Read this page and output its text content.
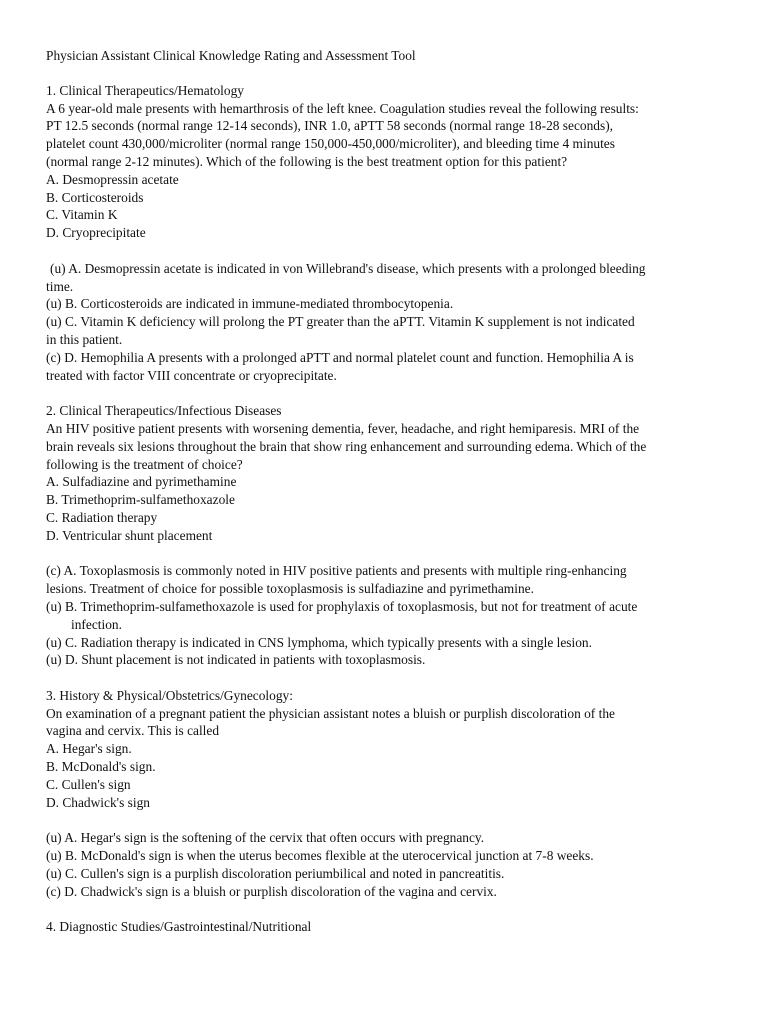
Physician Assistant Clinical Knowledge Rating and Assessment Tool
1. Clinical Therapeutics/Hematology
A 6 year-old male presents with hemarthrosis of the left knee. Coagulation studies reveal the following results:
PT 12.5 seconds (normal range 12-14 seconds), INR 1.0, aPTT 58 seconds (normal range 18-28 seconds),
platelet count 430,000/microliter (normal range 150,000-450,000/microliter), and bleeding time 4 minutes
(normal range 2-12 minutes). Which of the following is the best treatment option for this patient?
A. Desmopressin acetate
B. Corticosteroids
C. Vitamin K
D. Cryoprecipitate
(u) A. Desmopressin acetate is indicated in von Willebrand's disease, which presents with a prolonged bleeding
time.
(u) B. Corticosteroids are indicated in immune-mediated thrombocytopenia.
(u) C. Vitamin K deficiency will prolong the PT greater than the aPTT. Vitamin K supplement is not indicated
in this patient.
(c) D. Hemophilia A presents with a prolonged aPTT and normal platelet count and function. Hemophilia A is
treated with factor VIII concentrate or cryoprecipitate.
2. Clinical Therapeutics/Infectious Diseases
An HIV positive patient presents with worsening dementia, fever, headache, and right hemiparesis. MRI of the
brain reveals six lesions throughout the brain that show ring enhancement and surrounding edema. Which of the
following is the treatment of choice?
A. Sulfadiazine and pyrimethamine
B. Trimethoprim-sulfamethoxazole
C. Radiation therapy
D. Ventricular shunt placement
(c) A. Toxoplasmosis is commonly noted in HIV positive patients and presents with multiple ring-enhancing
lesions. Treatment of choice for possible toxoplasmosis is sulfadiazine and pyrimethamine.
(u) B. Trimethoprim-sulfamethoxazole is used for prophylaxis of toxoplasmosis, but not for treatment of acute
infection.
(u) C. Radiation therapy is indicated in CNS lymphoma, which typically presents with a single lesion.
(u) D. Shunt placement is not indicated in patients with toxoplasmosis.
3. History & Physical/Obstetrics/Gynecology:
On examination of a pregnant patient the physician assistant notes a bluish or purplish discoloration of the
vagina and cervix. This is called
A. Hegar's sign.
B. McDonald's sign.
C. Cullen's sign
D. Chadwick's sign
(u) A. Hegar's sign is the softening of the cervix that often occurs with pregnancy.
(u) B. McDonald's sign is when the uterus becomes flexible at the uterocervical junction at 7-8 weeks.
(u) C. Cullen's sign is a purplish discoloration periumbilical and noted in pancreatitis.
(c) D. Chadwick's sign is a bluish or purplish discoloration of the vagina and cervix.
4. Diagnostic Studies/Gastrointestinal/Nutritional
